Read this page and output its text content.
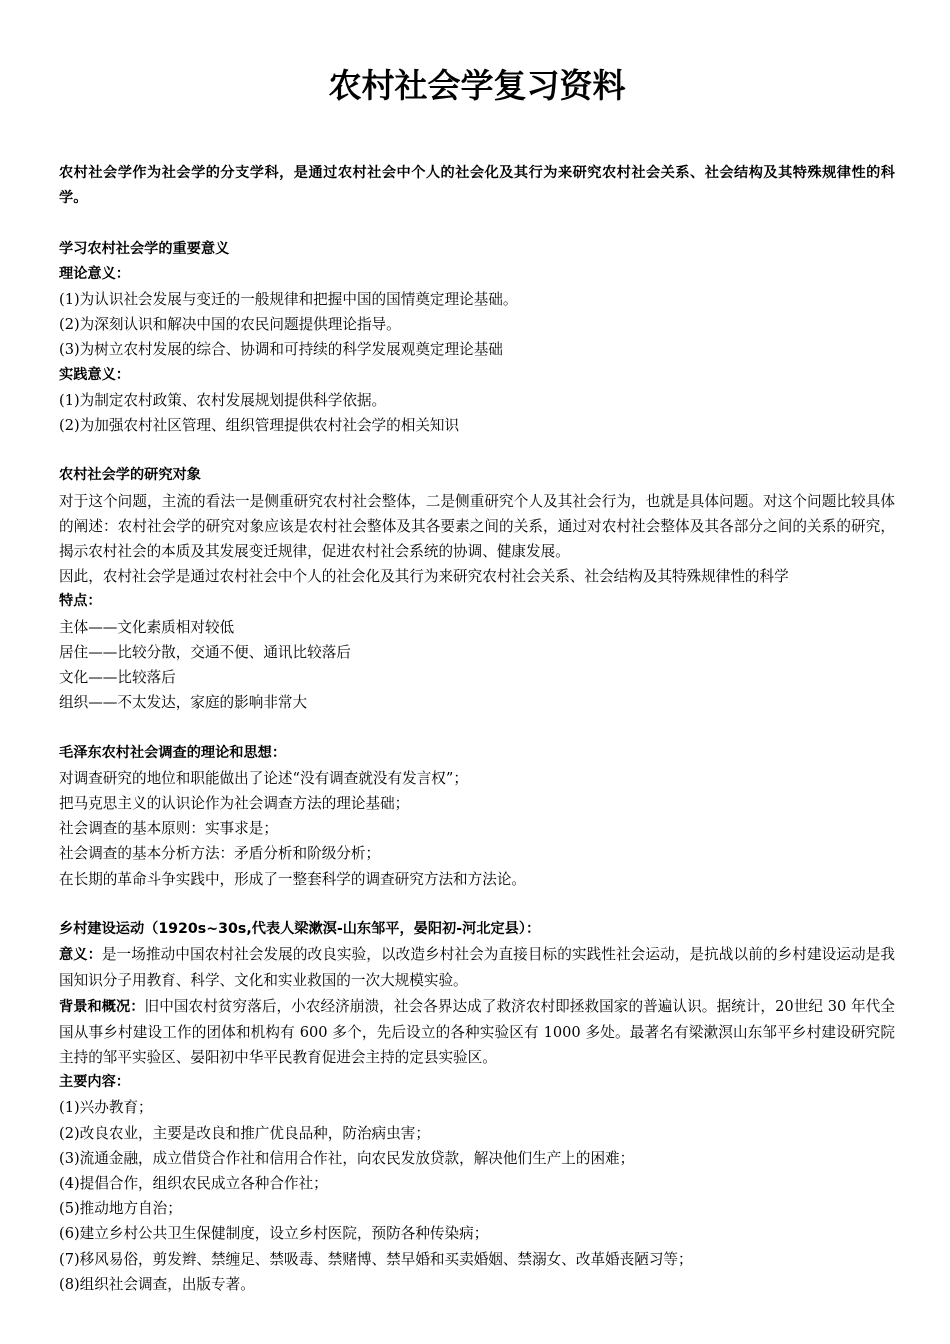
农村社会学复习资料

农村社会学作为社会学的分支学科，是通过农村社会中个人的社会化及其行为来研究农村社会关系、社会结构及其特殊规律性的科学。

学习农村社会学的重要意义

理论意义：

(1)为认识社会发展与变迁的一般规律和把握中国的国情奠定理论基础。

(2)为深刻认识和解决中国的农民问题提供理论指导。

(3)为树立农村发展的综合、协调和可持续的科学发展观奠定理论基础

实践意义：

(1)为制定农村政策、农村发展规划提供科学依据。

(2)为加强农村社区管理、组织管理提供农村社会学的相关知识

农村社会学的研究对象

对于这个问题，主流的看法一是侧重研究农村社会整体，二是侧重研究个人及其社会行为，也就是具体问题。对这个问题比较具体的阐述：农村社会学的研究对象应该是农村社会整体及其各要素之间的关系，通过对农村社会整体及其各部分之间的关系的研究，揭示农村社会的本质及其发展变迁规律，促进农村社会系统的协调、健康发展。

因此，农村社会学是通过农村社会中个人的社会化及其行为来研究农村社会关系、社会结构及其特殊规律性的科学

特点：

主体——文化素质相对较低

居住——比较分散，交通不便、通讯比较落后

文化——比较落后

组织——不太发达，家庭的影响非常大

毛泽东农村社会调查的理论和思想：

对调查研究的地位和职能做出了论述“没有调查就没有发言权”；

把马克思主义的认识论作为社会调查方法的理论基础；

社会调查的基本原则：实事求是；

社会调查的基本分析方法：矛盾分析和阶级分析；

在长期的革命斗争实践中，形成了一整套科学的调查研究方法和方法论。

乡村建设运动（1920s~30s,代表人梁漱溟-山东邹平，晏阳初-河北定县）：

意义：是一场推动中国农村社会发展的改良实验，以改造乡村社会为直接目标的实践性社会运动，是抗战以前的乡村建设运动是我国知识分子用教育、科学、文化和实业救国的一次大规模实验。

背景和概况：旧中国农村贫穷落后，小农经济崩溃，社会各界达成了救济农村即拯救国家的普遍认识。据统计，20世纪 30 年代全国从事乡村建设工作的团体和机构有 600 多个，先后设立的各种实验区有 1000 多处。最著名有梁漱溟山东邹平乡村建设研究院主持的邹平实验区、晏阳初中华平民教育促进会主持的定县实验区。

主要内容：

(1)兴办教育；

(2)改良农业，主要是改良和推广优良品种，防治病虫害；

(3)流通金融，成立借贷合作社和信用合作社，向农民发放贷款，解决他们生产上的困难；

(4)提倡合作，组织农民成立各种合作社；

(5)推动地方自治；

(6)建立乡村公共卫生保健制度，设立乡村医院，预防各种传染病；

(7)移风易俗，剪发辫、禁缠足、禁吸毒、禁赌博、禁早婚和买卖婚姻、禁溺女、改革婚丧陋习等；

(8)组织社会调查，出版专著。
